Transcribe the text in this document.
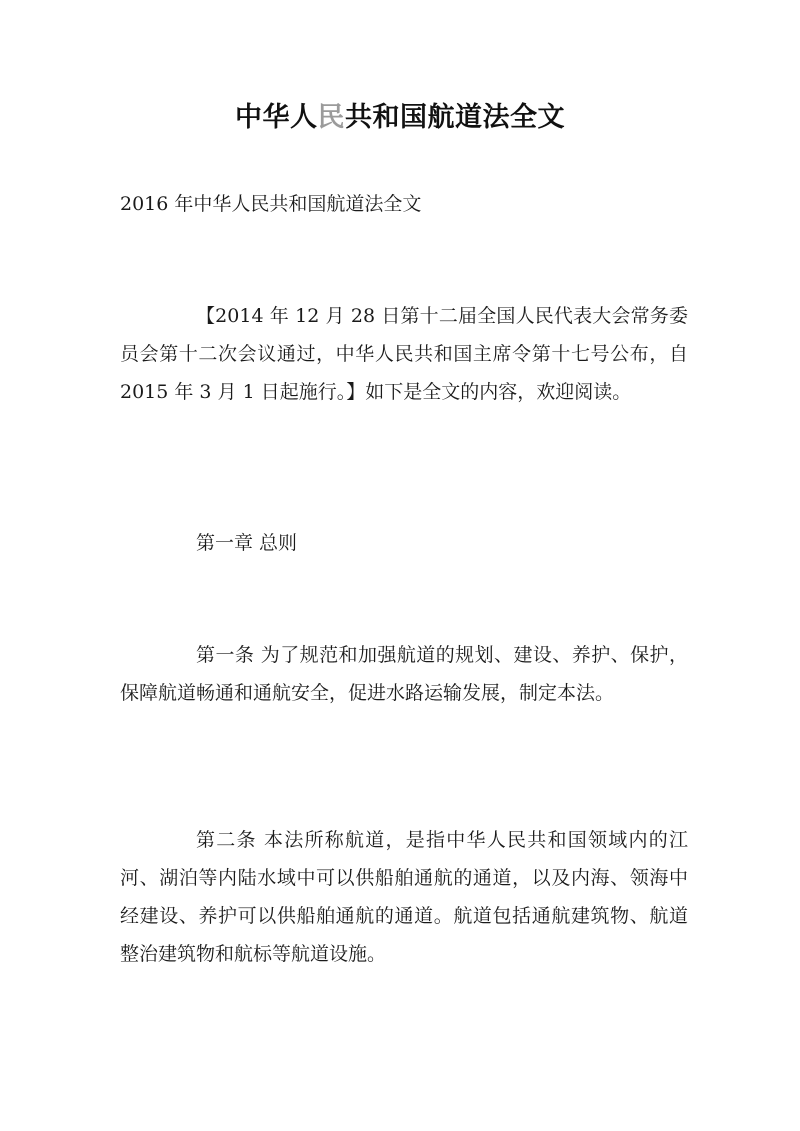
中华人民共和国航道法全文
2016 年中华人民共和国航道法全文
【2014 年 12 月 28 日第十二届全国人民代表大会常务委员会第十二次会议通过，中华人民共和国主席令第十七号公布，自 2015 年 3 月 1 日起施行。】如下是全文的内容，欢迎阅读。
第一章 总则
第一条 为了规范和加强航道的规划、建设、养护、保护，保障航道畅通和通航安全，促进水路运输发展，制定本法。
第二条 本法所称航道，是指中华人民共和国领域内的江河、湖泊等内陆水域中可以供船舶通航的通道，以及内海、领海中经建设、养护可以供船舶通航的通道。航道包括通航建筑物、航道整治建筑物和航标等航道设施。
